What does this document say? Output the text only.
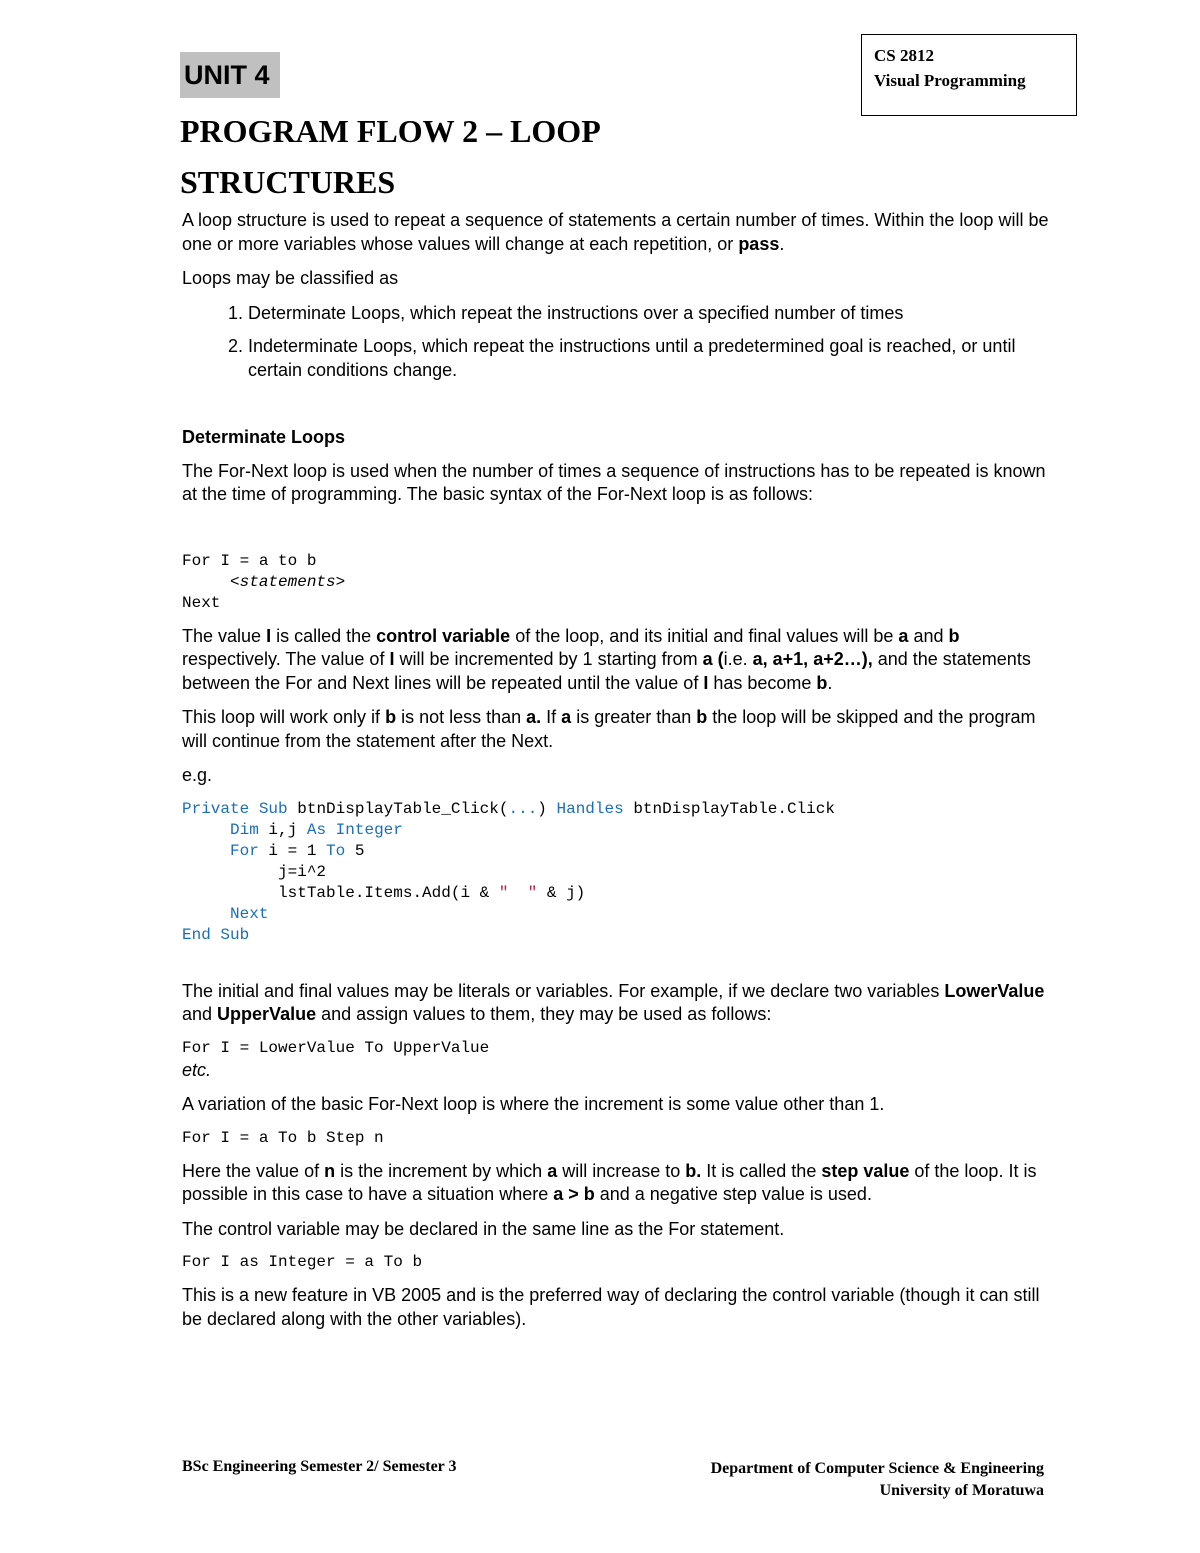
UNIT 4
CS 2812
Visual Programming
PROGRAM FLOW 2 – LOOP
STRUCTURES

A loop structure is used to repeat a sequence of statements a certain number of times. Within the loop will be one or more variables whose values will change at each repetition, or pass.

Loops may be classified as

1. Determinate Loops, which repeat the instructions over a specified number of times
2. Indeterminate Loops, which repeat the instructions until a predetermined goal is reached, or until certain conditions change.
Determinate Loops

The For-Next loop is used when the number of times a sequence of instructions has to be repeated is known at the time of programming. The basic syntax of the For-Next loop is as follows:

For I = a to b
<statements>
Next

The value I is called the control variable of the loop, and its initial and final values will be a and b respectively. The value of I will be incremented by 1 starting from a (i.e. a, a+1, a+2…), and the statements between the For and Next lines will be repeated until the value of I has become b.

This loop will work only if b is not less than a. If a is greater than b the loop will be skipped and the program will continue from the statement after the Next.

e.g.

Private Sub btnDisplayTable_Click(...) Handles btnDisplayTable.Click
Dim i,j As Integer
For i = 1 To 5
j=i^2
lstTable.Items.Add(i & "  " & j)
Next
End Sub

The initial and final values may be literals or variables. For example, if we declare two variables LowerValue and UpperValue and assign values to them, they may be used as follows:

For I = LowerValue To UpperValue

etc.

A variation of the basic For-Next loop is where the increment is some value other than 1.

For I = a To b Step n

Here the value of n is the increment by which a will increase to b. It is called the step value of the loop. It is possible in this case to have a situation where a > b and a negative step value is used.

The control variable may be declared in the same line as the For statement.

For I as Integer = a To b

This is a new feature in VB 2005 and is the preferred way of declaring the control variable (though it can still be declared along with the other variables).

BSc Engineering Semester 2/ Semester 3	Department of Computer Science & Engineering
University of Moratuwa
